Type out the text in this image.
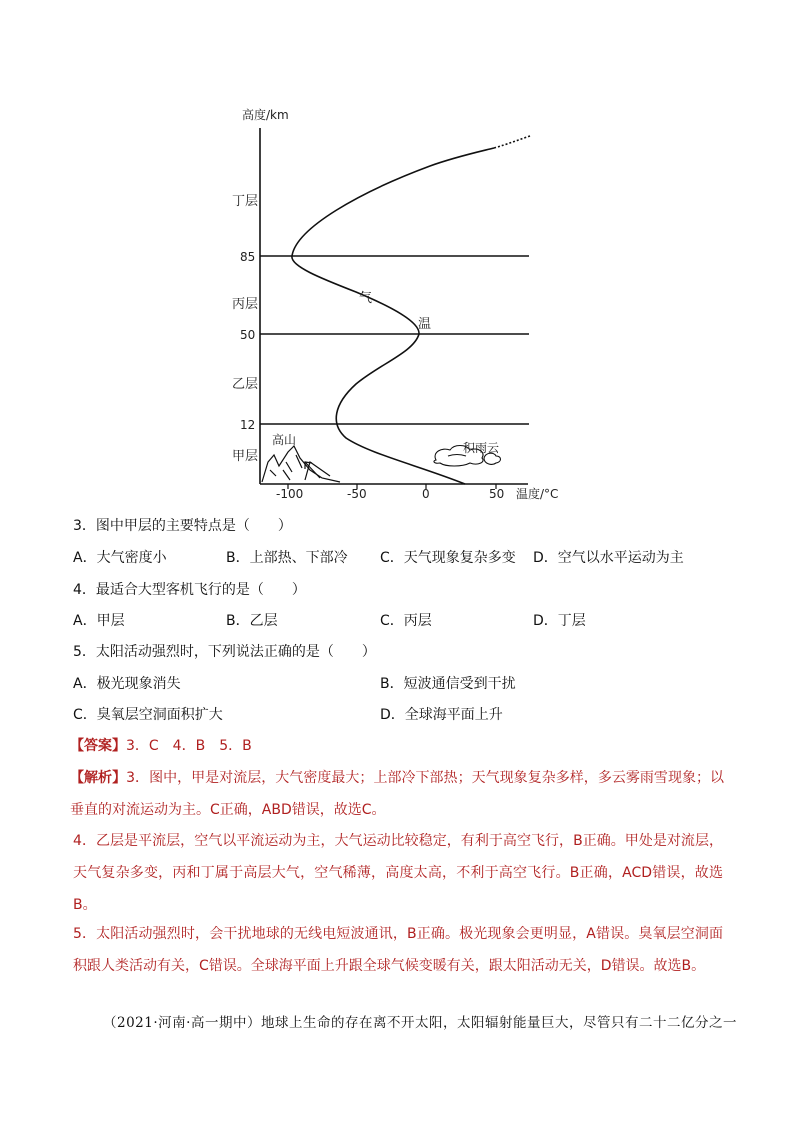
高度/km
温度/°C
-100	-50	0	50
85
50
12
丁层
丙层
乙层
甲层
气
温
高山
积雨云
3．图中甲层的主要特点是（　　）
A．大气密度小	B．上部热、下部冷 C．天气现象复杂多变 D．空气以水平运动为主
4．最适合大型客机飞行的是（　　）
A．甲层	B．乙层	C．丙层	D．丁层
5．太阳活动强烈时，下列说法正确的是（　　）
A．极光现象消失	B．短波通信受到干扰
C．臭氧层空洞面积扩大	D．全球海平面上升
【答案】3．C　4．B　5．B
【解析】3．图中，甲是对流层，大气密度最大；上部冷下部热；天气现象复杂多样，多云雾雨雪现象；以垂直的对流运动为主。C正确，ABD错误，故选C。
4．乙层是平流层，空气以平流运动为主，大气运动比较稳定，有利于高空飞行，B正确。甲处是对流层，天气复杂多变，丙和丁属于高层大气，空气稀薄，高度太高，不利于高空飞行。B正确，ACD错误，故选B。
5．太阳活动强烈时，会干扰地球的无线电短波通讯，B正确。极光现象会更明显，A错误。臭氧层空洞面积跟人类活动有关，C错误。全球海平面上升跟全球气候变暖有关，跟太阳活动无关，D错误。故选B。
（2021·河南·高一期中）地球上生命的存在离不开太阳，太阳辐射能量巨大，尽管只有二十二亿分之一
